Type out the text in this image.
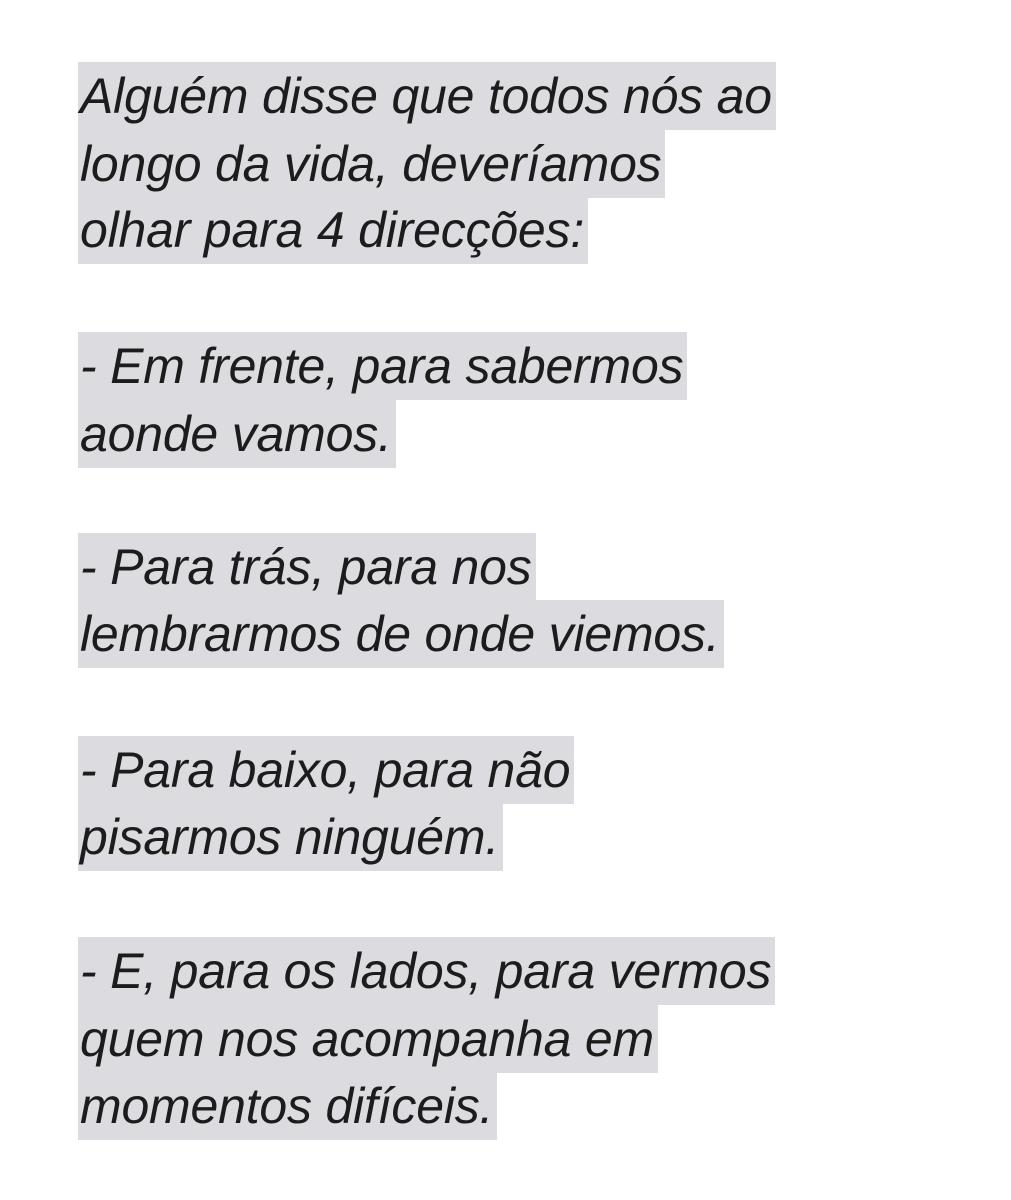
Alguém disse que todos nós ao
longo da vida, deveríamos
olhar para 4 direcções:
- Em frente, para sabermos
aonde vamos.
- Para trás, para nos
lembrarmos de onde viemos.
- Para baixo, para não
pisarmos ninguém.
- E, para os lados, para vermos
quem nos acompanha em
momentos difíceis.
